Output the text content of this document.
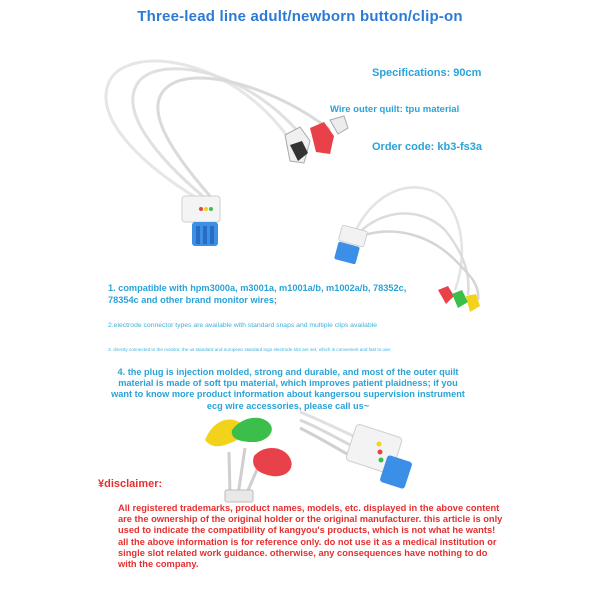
Three-lead line adult/newborn button/clip-on
Specifications: 90cm
Wire outer quilt: tpu material
Order code: kb3-fs3a
1. compatible with hpm3000a, m3001a, m1001a/b, m1002a/b, 78352c, 78354c and other brand monitor wires;
2.electrode connector types are available with standard snaps and multiple clips available
3. directly connected to the monitor, the us standard and european standard logo electrode slot are set, which is convenient and fast to use;
4. the plug is injection molded, strong and durable, and most of the outer quilt material is made of soft tpu material, which improves patient plaidness; if you want to know more product information about kangersou supervision instrument ecg wire accessories, please call us~
¥disclaimer:
All registered trademarks, product names, models, etc. displayed in the above content are the ownership of the original holder or the original manufacturer. this article is only used to indicate the compatibility of kangyou's products, which is not what he wants! all the above information is for reference only. do not use it as a medical institution or single slot related work guidance. otherwise, any consequences have nothing to do with the company.
